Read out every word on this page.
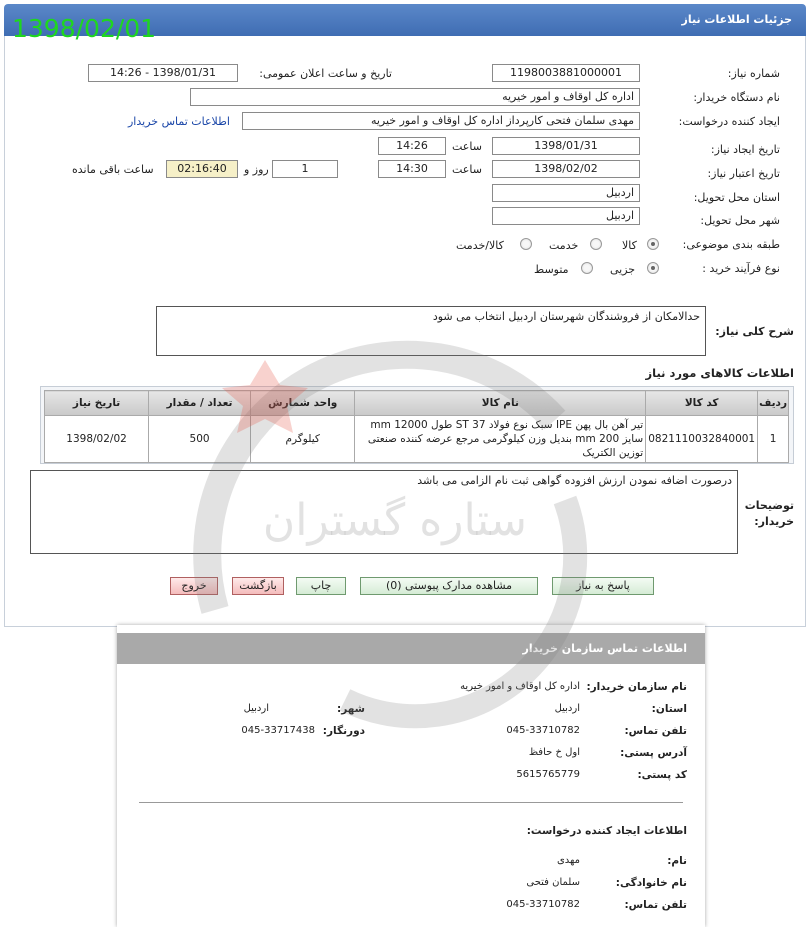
جزئیات اطلاعات نیاز
1398/02/01
شماره نیاز:
1198003881000001
تاریخ و ساعت اعلان عمومی:
1398/01/31 - 14:26
نام دستگاه خریدار:
اداره کل اوقاف و امور خیریه
ایجاد کننده درخواست:
مهدی سلمان فتحی کارپرداز اداره کل اوقاف و امور خیریه
اطلاعات تماس خریدار
تاریخ ایجاد نیاز:
1398/01/31
ساعت
14:26
تاریخ اعتبار نیاز:
1398/02/02
ساعت
14:30
1
روز و
02:16:40
ساعت باقی مانده
استان محل تحویل:
اردبیل
شهر محل تحویل:
اردبیل
طبقه بندی موضوعی:
کالا
خدمت
کالا/خدمت
نوع فرآیند خرید :
جزیی
متوسط
شرح کلی نیاز:
حدالامکان از فروشندگان شهرستان اردبیل انتخاب می شود
اطلاعات کالاهای مورد نیاز
ردیف	کد کالا	نام کالا	واحد شمارش	تعداد / مقدار	تاریخ نیاز
1	0821110032840001	تیر آهن بال پهن IPE سبک نوع فولاد ST 37 طول 12000 mm سایز 200 mm بندیل وزن کیلوگرمی مرجع عرضه کننده صنعتی توزین الکتریک	کیلوگرم	500	1398/02/02
توضیحات خریدار:
درصورت اضافه نمودن ارزش افزوده گواهی ثبت نام الزامی می باشد
پاسخ به نیاز
مشاهده مدارک پیوستی (0)
چاپ
بازگشت
خروج
اطلاعات تماس سازمان خریدار
نام سازمان خریدار:
اداره کل اوقاف و امور خیریه
استان:
اردبیل
شهر:
اردبیل
تلفن تماس:
045-33710782
دورنگار:
045-33717438
آدرس پستی:
اول خ حافظ
کد پستی:
5615765779
اطلاعات ایجاد کننده درخواست:
نام:
مهدی
نام خانوادگی:
سلمان فتحی
تلفن تماس:
045-33710782
ستاره گستران
